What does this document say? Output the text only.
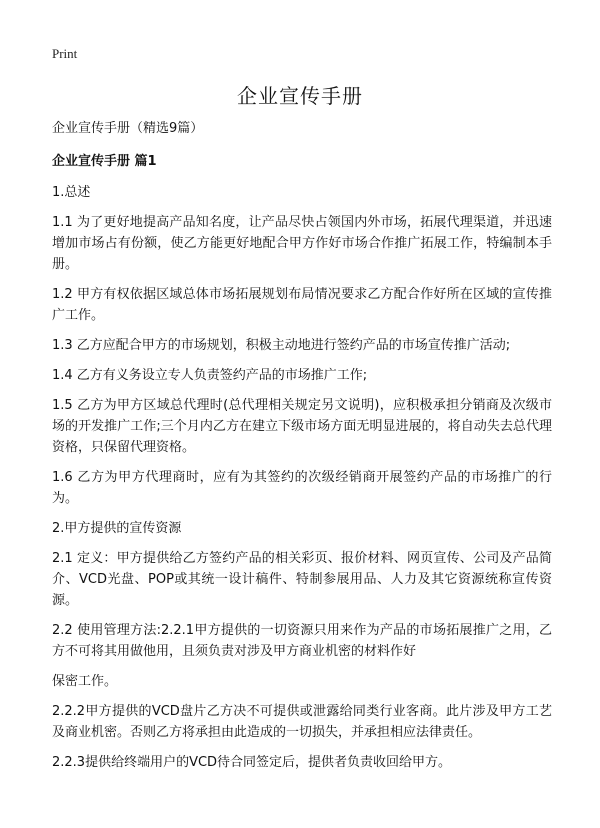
Print
企业宣传手册

企业宣传手册（精选9篇）

企业宣传手册 篇1

1.总述

1.1 为了更好地提高产品知名度，让产品尽快占领国内外市场，拓展代理渠道，并迅速增加市场占有份额，使乙方能更好地配合甲方作好市场合作推广拓展工作，特编制本手册。

1.2 甲方有权依据区域总体市场拓展规划布局情况要求乙方配合作好所在区域的宣传推广工作。

1.3 乙方应配合甲方的市场规划，积极主动地进行签约产品的市场宣传推广活动;

1.4 乙方有义务设立专人负责签约产品的市场推广工作;

1.5 乙方为甲方区域总代理时(总代理相关规定另文说明)，应积极承担分销商及次级市场的开发推广工作;三个月内乙方在建立下级市场方面无明显进展的，将自动失去总代理资格，只保留代理资格。

1.6 乙方为甲方代理商时，应有为其签约的次级经销商开展签约产品的市场推广的行为。

2.甲方提供的宣传资源

2.1 定义：甲方提供给乙方签约产品的相关彩页、报价材料、网页宣传、公司及产品简介、VCD光盘、POP或其统一设计稿件、特制参展用品、人力及其它资源统称宣传资源。

2.2 使用管理方法:2.2.1甲方提供的一切资源只用来作为产品的市场拓展推广之用，乙方不可将其用做他用，且须负责对涉及甲方商业机密的材料作好

保密工作。

2.2.2甲方提供的VCD盘片乙方决不可提供或泄露给同类行业客商。此片涉及甲方工艺及商业机密。否则乙方将承担由此造成的一切损失，并承担相应法律责任。

2.2.3提供给终端用户的VCD待合同签定后，提供者负责收回给甲方。
